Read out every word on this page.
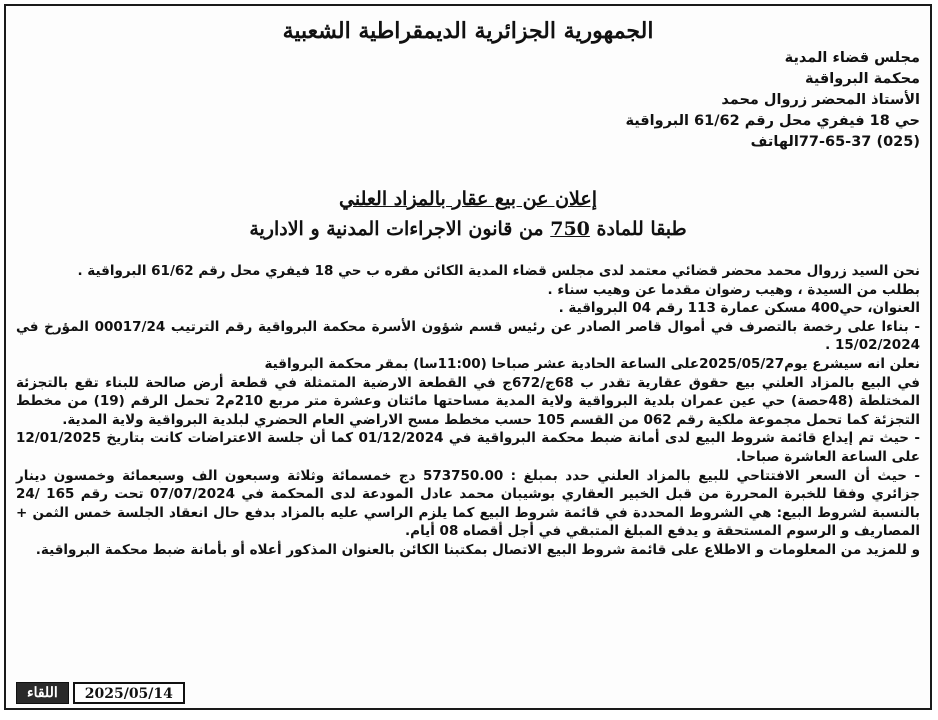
الجمهورية الجزائرية الديمقراطية الشعبية
مجلس قضاء المدية
محكمة البرواقية
الأستاذ المحضر زروال محمد
حي 18 فيفري محل رقم 61/62 البرواقية
(025) 77-65-37الهاتف
إعلان عن بيع عقار بالمزاد العلني
طبقا للمادة 750 من قانون الاجراءات المدنية و الادارية

نحن السيد زروال محمد محضر قضائي معتمد لدى مجلس قضاء المدية الكائن مقره ب حي 18 فيفري محل رقم 61/62 البرواقية .

بطلب من السيدة ، وهيب رضوان مقدما عن وهيب سناء .

العنوان، حي400 مسكن عمارة 113 رقم 04 البرواقية .

- بناءا على رخصة بالتصرف في أموال قاصر الصادر عن رئيس قسم شؤون الأسرة محكمة البرواقية رقم الترتيب 00017/24 المؤرخ في 15/02/2024 .

نعلن انه سيشرع يوم2025/05/27على الساعة الحادية عشر صباحا (11:00سا) بمقر محكمة البرواقية

في البيع بالمزاد العلني بيع حقوق عقارية تقدر ب 68ج/672ج في القطعة الارضية المتمثلة في قطعة أرض صالحة للبناء تقع بالتجزئة المختلطة (48حصة) حي عين عمران بلدية البرواقية ولاية المدية مساحتها مائتان وعشرة متر مربع 210م2 تحمل الرقم (19) من مخطط التجزئة كما تحمل مجموعة ملكية رقم 062 من القسم 105 حسب مخطط مسح الاراضي العام الحضري لبلدية البرواقية ولاية المدية.

- حيث تم إيداع قائمة شروط البيع لدى أمانة ضبط محكمة البرواقية في 01/12/2024 كما أن جلسة الاعتراضات كانت بتاريخ 12/01/2025 على الساعة العاشرة صباحا.

- حيث أن السعر الافتتاحي للبيع بالمزاد العلني حدد بمبلغ : 573750.00 دج خمسمائة وثلاثة وسبعون الف وسبعمائة وخمسون دينار جزائري وفقا للخبرة المحررة من قبل الخبير العقاري بوشيبان محمد عادل المودعة لدى المحكمة في 07/07/2024 تحت رقم 165 /24 بالنسبة لشروط البيع: هي الشروط المحددة في قائمة شروط البيع كما يلزم الراسي عليه بالمزاد بدفع حال انعقاد الجلسة خمس الثمن + المصاريف و الرسوم المستحقة و يدفع المبلغ المتبقي في أجل أقصاه 08 أيام.

و للمزيد من المعلومات و الاطلاع على قائمة شروط البيع الاتصال بمكتبنا الكائن بالعنوان المذكور أعلاه أو بأمانة ضبط محكمة البرواقية.

اللقاء	2025/05/14
